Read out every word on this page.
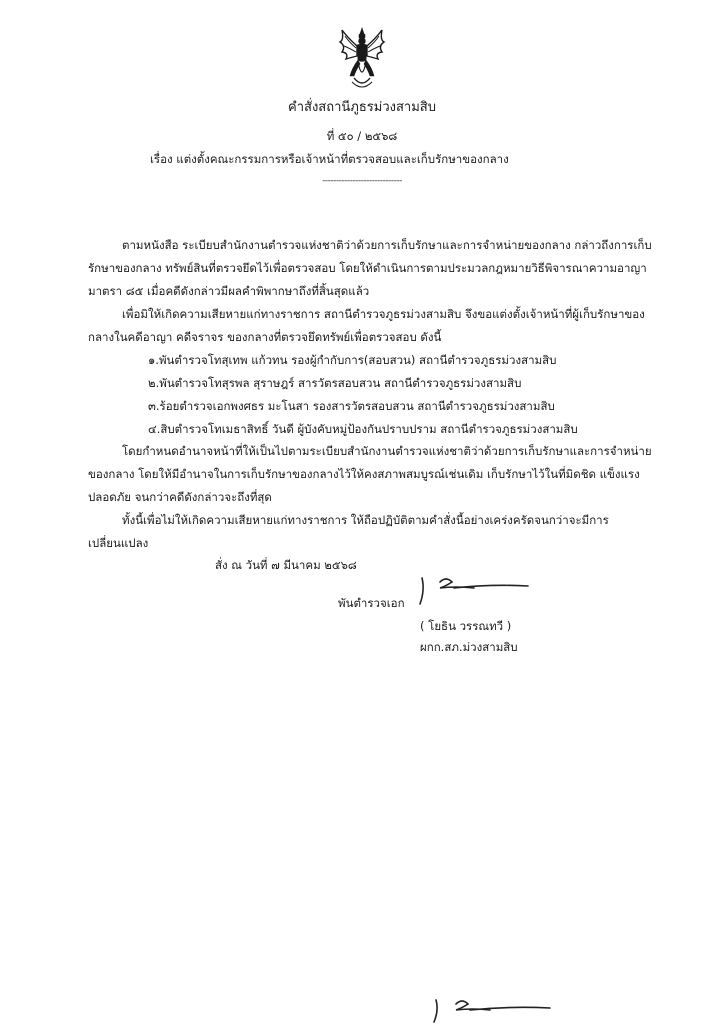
คำสั่งสถานีภูธรม่วงสามสิบ
ที่ ๕๐ / ๒๕๖๘
เรื่อง แต่งตั้งคณะกรรมการหรือเจ้าหน้าที่ตรวจสอบและเก็บรักษาของกลาง
-----------------------------
ตามหนังสือ ระเบียบสำนักงานตำรวจแห่งชาติว่าด้วยการเก็บรักษาและการจำหน่ายของกลาง กล่าวถึงการเก็บ
รักษาของกลาง ทรัพย์สินที่ตรวจยึดไว้เพื่อตรวจสอบ โดยให้ดำเนินการตามประมวลกฎหมายวิธีพิจารณาความอาญา
มาตรา ๘๕ เมื่อคดีดังกล่าวมีผลคำพิพากษาถึงที่สิ้นสุดแล้ว
เพื่อมิให้เกิดความเสียหายแก่ทางราชการ สถานีตำรวจภูธรม่วงสามสิบ จึงขอแต่งตั้งเจ้าหน้าที่ผู้เก็บรักษาของ
กลางในคดีอาญา คดีจราจร ของกลางที่ตรวจยึดทรัพย์เพื่อตรวจสอบ ดังนี้
๑.พันตำรวจโทสุเทพ แก้วทน รองผู้กำกับการ(สอบสวน) สถานีตำรวจภูธรม่วงสามสิบ
๒.พันตำรวจโทสุรพล สุราษฎร์ สารวัตรสอบสวน สถานีตำรวจภูธรม่วงสามสิบ
๓.ร้อยตำรวจเอกพงศธร มะโนสา รองสารวัตรสอบสวน สถานีตำรวจภูธรม่วงสามสิบ
๔.สิบตำรวจโทเมธาสิทธิ์ วันดี ผู้บังคับหมู่ป้องกันปราบปราม สถานีตำรวจภูธรม่วงสามสิบ
โดยกำหนดอำนาจหน้าที่ให้เป็นไปตามระเบียบสำนักงานตำรวจแห่งชาติว่าด้วยการเก็บรักษาและการจำหน่าย
ของกลาง โดยให้มีอำนาจในการเก็บรักษาของกลางไว้ให้คงสภาพสมบูรณ์เช่นเดิม เก็บรักษาไว้ในที่มิดชิด แข็งแรง
ปลอดภัย จนกว่าคดีดังกล่าวจะถึงที่สุด
ทั้งนี้เพื่อไม่ให้เกิดความเสียหายแก่ทางราชการ ให้ถือปฏิบัติตามคำสั่งนี้อย่างเคร่งครัดจนกว่าจะมีการ
เปลี่ยนแปลง
สั่ง ณ วันที่ ๗ มีนาคม ๒๕๖๘
พันตำรวจเอก
( โยธิน วรรณทวี )
ผกก.สภ.ม่วงสามสิบ
